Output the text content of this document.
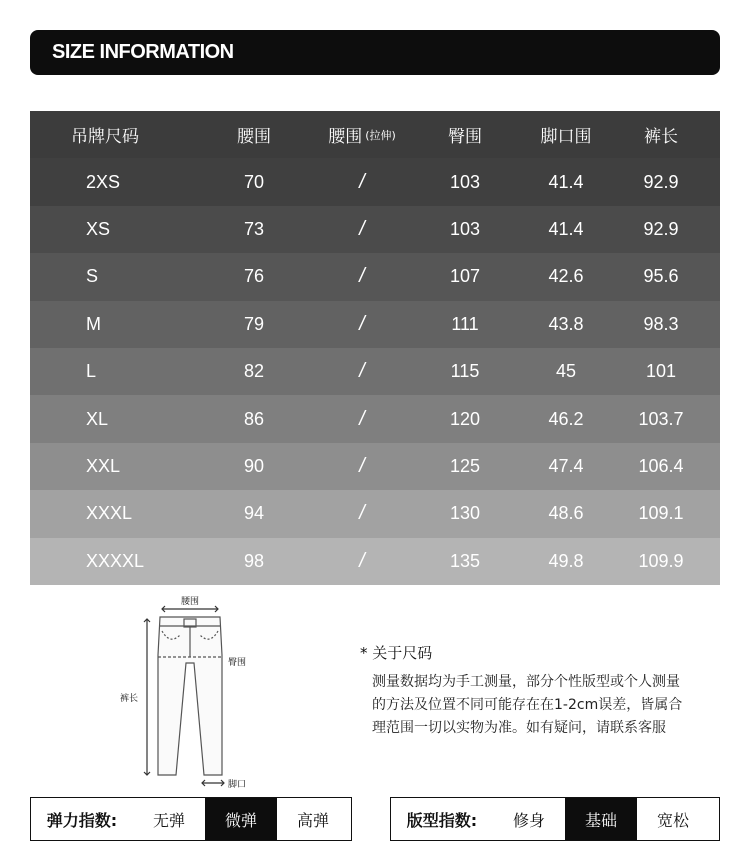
SIZE INFORMATION
吊牌尺码	腰围	腰围 (拉伸)	臀围	脚口围	裤长
2XS	70	/	103	41.4	92.9
XS	73	/	103	41.4	92.9
S	76	/	107	42.6	95.6
M	79	/	111	43.8	98.3
L	82	/	115	45	101
XL	86	/	120	46.2	103.7
XXL	90	/	125	47.4	106.4
XXXL	94	/	130	48.6	109.1
XXXXL	98	/	135	49.8	109.9
腰围
臀围
裤长
脚口
* 关于尺码
测量数据均为手工测量，部分个性版型或个人测量
的方法及位置不同可能存在在1-2cm误差，皆属合
理范围一切以实物为准。如有疑问，请联系客服
弹力指数:	无弹	微弹	高弹	版型指数:	修身	基础	宽松
